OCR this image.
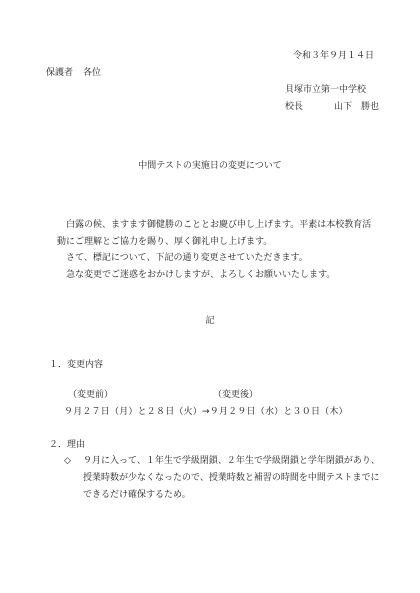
令和３年９月１４日
保護者 各位
貝塚市立第一中学校
校長	山下　勝也
中間テストの実施日の変更について
白露の候、ますます御健勝のこととお慶び申し上げます。平素は本校教育活動にご理解とご協力を賜り、厚く御礼申し上げます。
さて、標記について、下記の通り変更させていただきます。
急な変更でご迷惑をおかけしますが、よろしくお願いいたします。
記
１．変更内容
（変更前）	（変更後）
９月２７日（月）と２８日（火）→９月２９日（水）と３０日（木）
２．理由
◇ ９月に入って、１年生で学級閉鎖、２年生で学級閉鎖と学年閉鎖があり、
授業時数が少なくなったので、授業時数と補習の時間を中間テストまでに
できるだけ確保するため。
